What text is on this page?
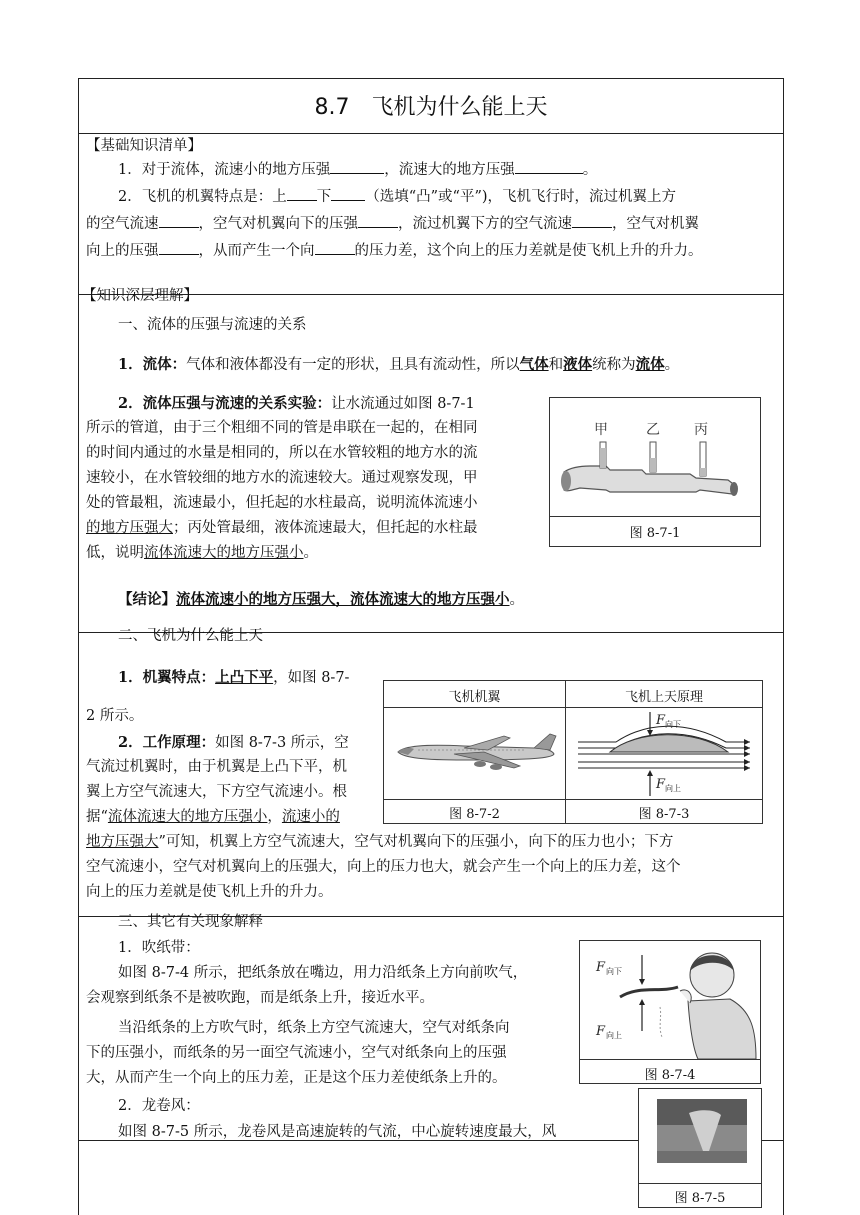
8.7　飞机为什么能上天
【基础知识清单】
1．对于流体，流速小的地方压强	，流速大的地方压强	。
2．飞机的机翼特点是：上 下 （选填“凸”或“平”)，飞机飞行时，流过机翼上方
的空气流速	，空气对机翼向下的压强	，流过机翼下方的空气流速	，空气对机翼
向上的压强	，从而产生一个向	的压力差，这个向上的压力差就是使飞机上升的升力。
【知识深层理解】
一、流体的压强与流速的关系
1．流体：气体和液体都没有一定的形状，且具有流动性，所以气体和液体统称为流体。
2．流体压强与流速的关系实验：让水流通过如图 8-7-1
所示的管道，由于三个粗细不同的管是串联在一起的，在相同
的时间内通过的水量是相同的，所以在水管较粗的地方水的流
速较小，在水管较细的地方水的流速较大。通过观察发现，甲
处的管最粗，流速最小，但托起的水柱最高，说明流体流速小
的地方压强大；丙处管最细，液体流速最大，但托起的水柱最
低，说明流体流速大的地方压强小。
甲	乙 丙
图 8-7-1
【结论】流体流速小的地方压强大，流体流速大的地方压强小。
二、飞机为什么能上天
1．机翼特点：上凸下平，如图 8-7-
2 所示。
2．工作原理：如图 8-7-3 所示，空
气流过机翼时，由于机翼是上凸下平，机
翼上方空气流速大，下方空气流速小。根
据“流体流速大的地方压强小，流速小的
地方压强大”可知，机翼上方空气流速大，空气对机翼向下的压强小，向下的压力也小；下方
空气流速小，空气对机翼向上的压强大，向上的压力也大，就会产生一个向上的压力差，这个
向上的压力差就是使飞机上升的升力。
飞机机翼	飞机上天原理
F 向下
F 向上
图 8-7-2	图 8-7-3
三、其它有关现象解释
1．吹纸带：
如图 8-7-4 所示，把纸条放在嘴边，用力沿纸条上方向前吹气，
会观察到纸条不是被吹跑，而是纸条上升，接近水平。
当沿纸条的上方吹气时，纸条上方空气流速大，空气对纸条向
下的压强小，而纸条的另一面空气流速小，空气对纸条向上的压强
大，从而产生一个向上的压力差，正是这个压力差使纸条上升的。
F 向下
F 向上
图 8-7-4
2．龙卷风：
如图 8-7-5 所示，龙卷风是高速旋转的气流，中心旋转速度最大，风
图 8-7-5
